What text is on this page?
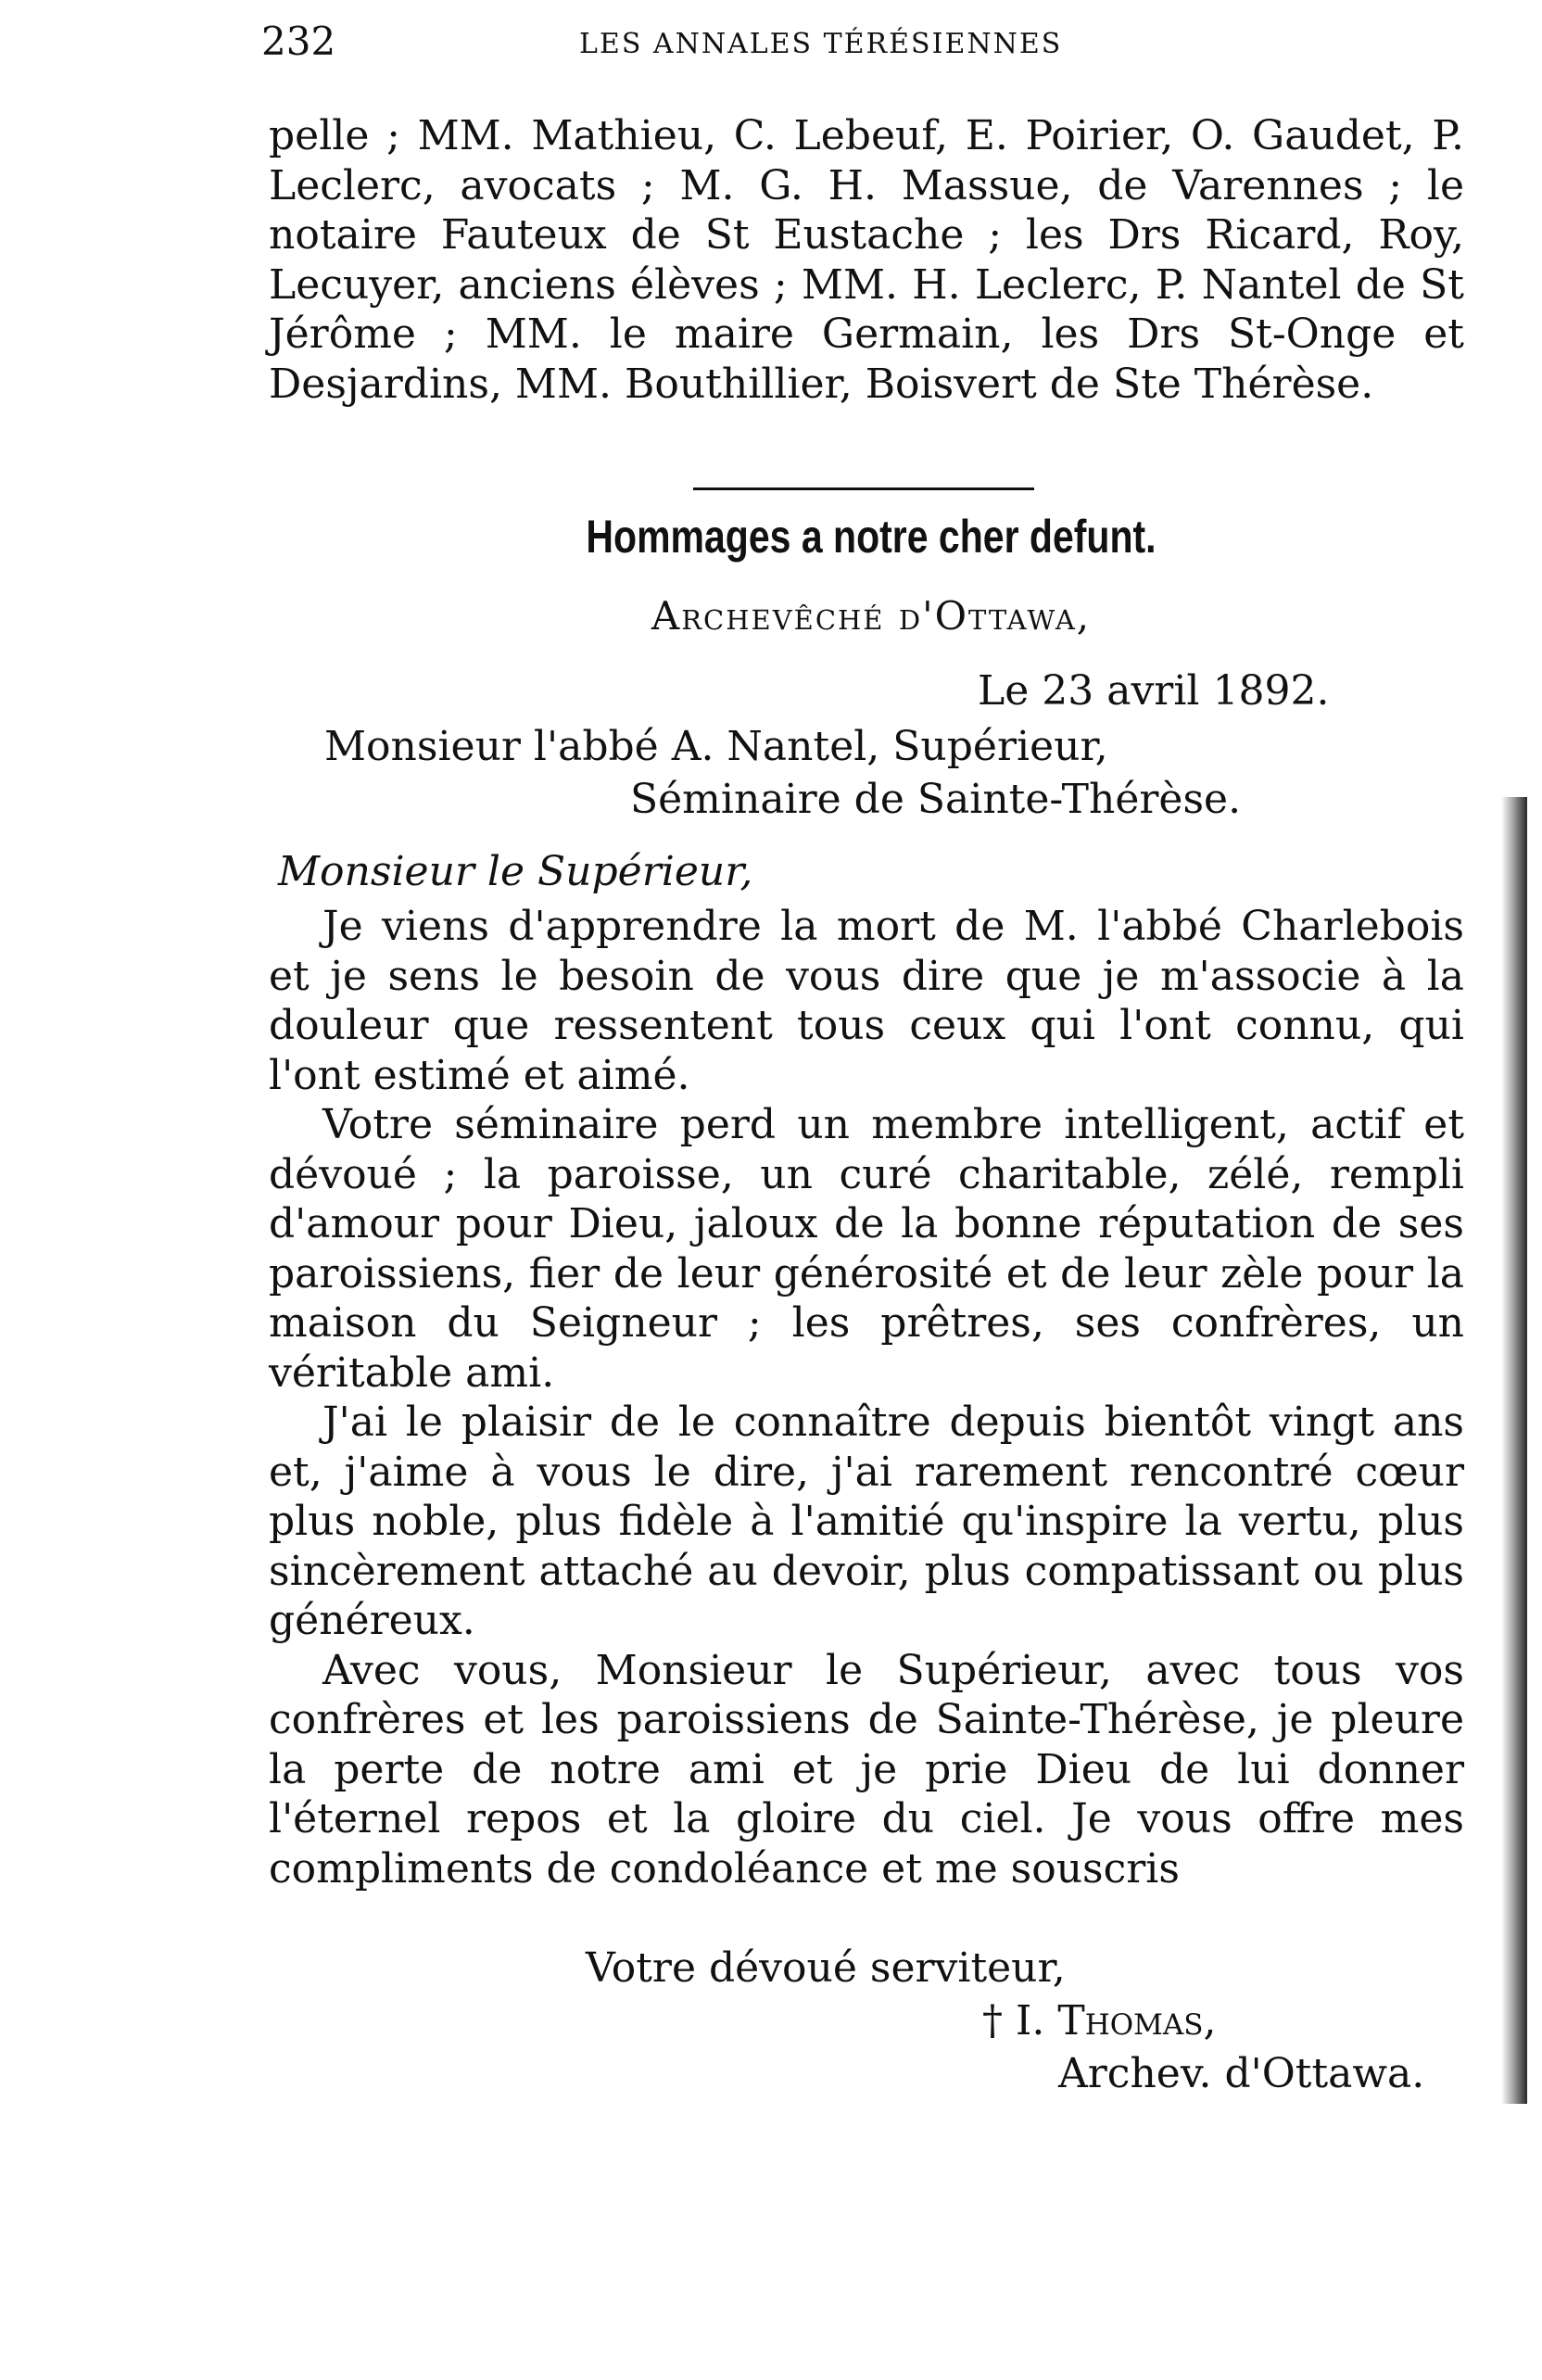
232	LES ANNALES TÉRÉSIENNES

pelle ; MM. Mathieu, C. Lebeuf, E. Poirier, O. Gaudet, P. Leclerc, avocats ; M. G. H. Massue, de Varennes ; le notaire Fauteux de St Eustache ; les Drs Ricard, Roy, Lecuyer, anciens élèves ; MM. H. Leclerc, P. Nantel de St Jérôme ; MM. le maire Germain, les Drs St-Onge et Desjardins, MM. Bouthillier, Boisvert de Ste Thérèse.

Hommages a notre cher defunt.
Archevêché d'Ottawa,
Le 23 avril 1892.
Monsieur l'abbé A. Nantel, Supérieur,
Séminaire de Sainte-Thérèse.
Monsieur le Supérieur,

Je viens d'apprendre la mort de M. l'abbé Charlebois et je sens le besoin de vous dire que je m'associe à la douleur que ressentent tous ceux qui l'ont connu, qui l'ont estimé et aimé.

Votre séminaire perd un membre intelligent, actif et dévoué ; la paroisse, un curé charitable, zélé, rempli d'amour pour Dieu, jaloux de la bonne réputation de ses paroissiens, fier de leur générosité et de leur zèle pour la maison du Seigneur ; les prêtres, ses confrères, un véritable ami.

J'ai le plaisir de le connaître depuis bientôt vingt ans et, j'aime à vous le dire, j'ai rarement rencontré cœur plus noble, plus fidèle à l'amitié qu'inspire la vertu, plus sincèrement attaché au devoir, plus compatissant ou plus généreux.

Avec vous, Monsieur le Supérieur, avec tous vos confrères et les paroissiens de Sainte-Thérèse, je pleure la perte de notre ami et je prie Dieu de lui donner l'éternel repos et la gloire du ciel. Je vous offre mes compliments de condoléance et me souscris

Votre dévoué serviteur,
† I. Thomas,
Archev. d'Ottawa.
